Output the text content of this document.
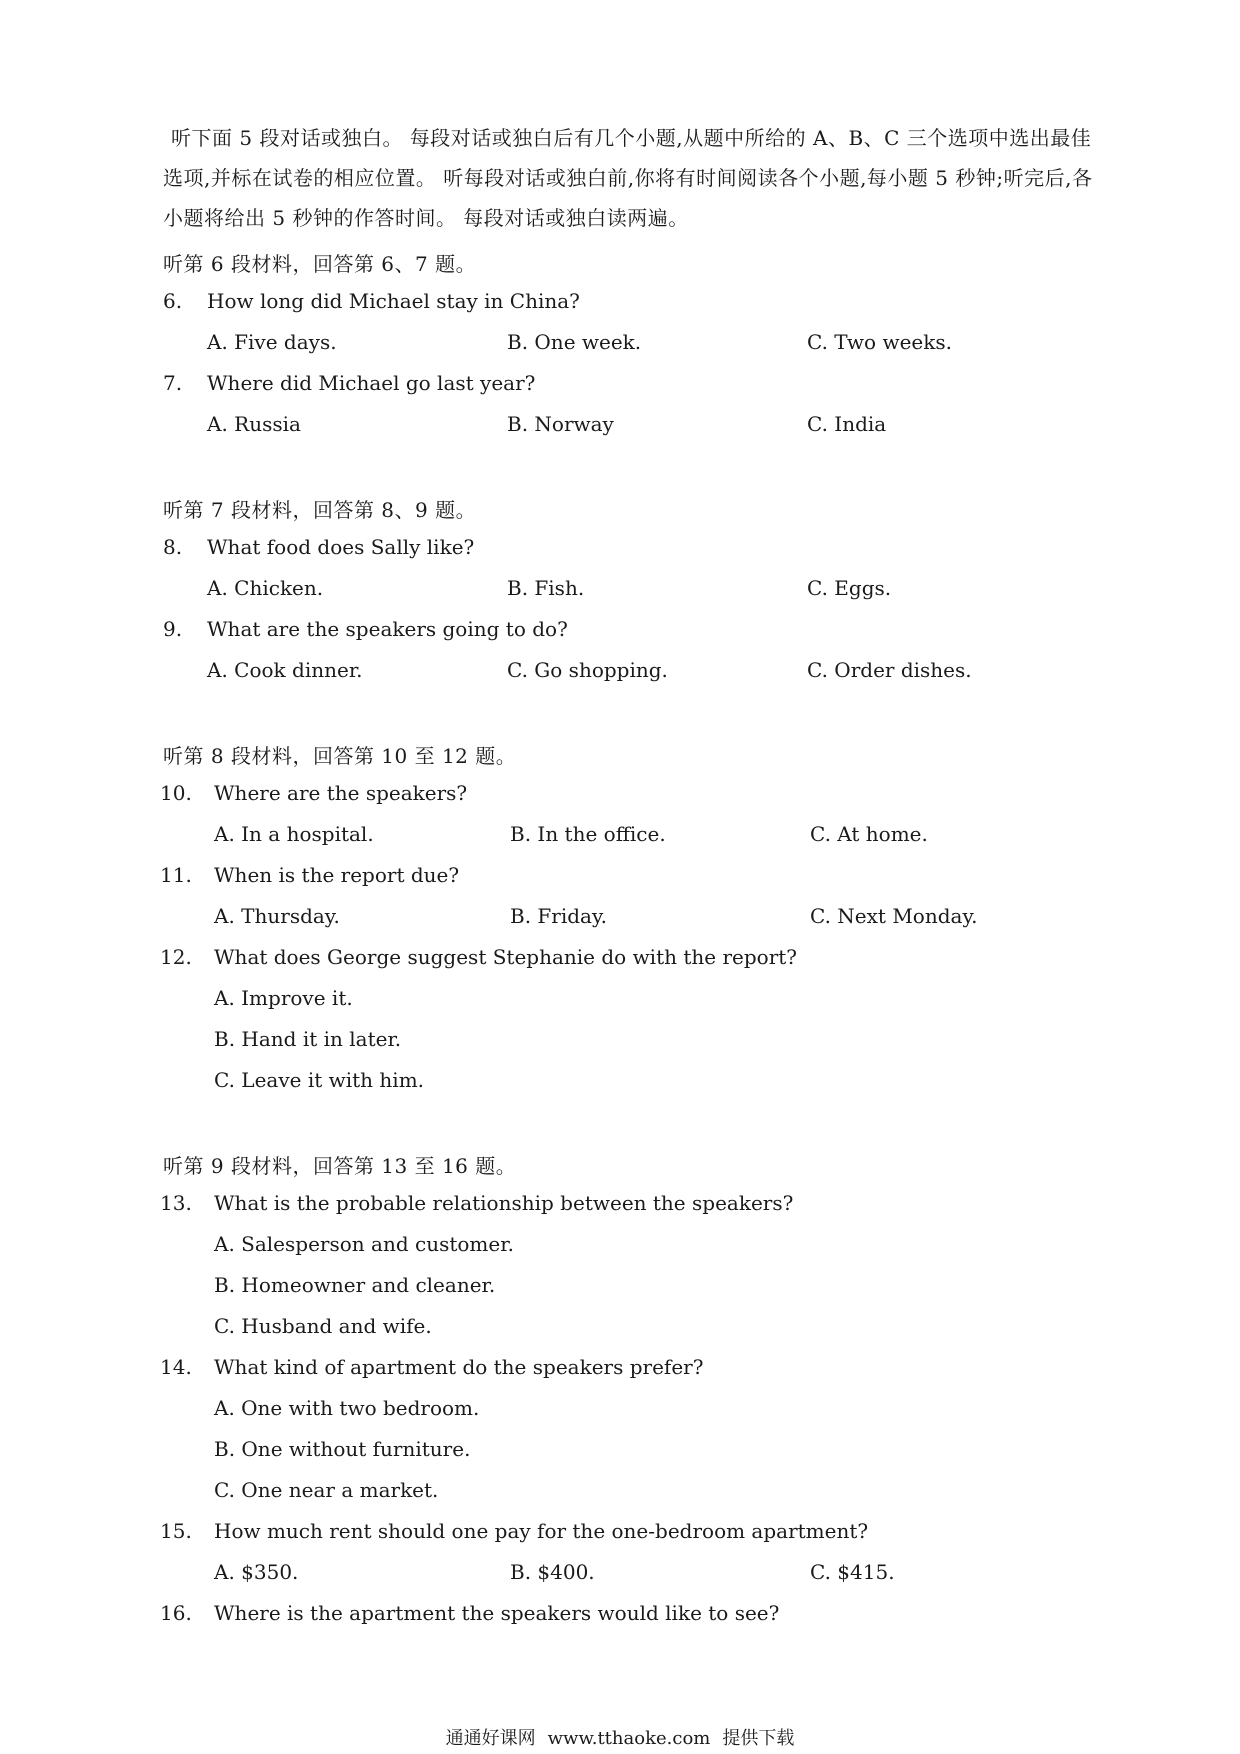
听下面 5 段对话或独白。 每段对话或独白后有几个小题,从题中所给的 A、B、C 三个选项中选出最佳选项,并标在试卷的相应位置。 听每段对话或独白前,你将有时间阅读各个小题,每小题 5 秒钟;听完后,各小题将给出 5 秒钟的作答时间。 每段对话或独白读两遍。

听第 6 段材料，回答第 6、7 题。
6. How long did Michael stay in China?
A. Five days.	B. One week.	C. Two weeks.
7. Where did Michael go last year?
A. Russia	B. Norway	C. India
听第 7 段材料，回答第 8、9 题。
8. What food does Sally like?
A. Chicken.	B. Fish.	C. Eggs.
9. What are the speakers going to do?
A. Cook dinner.	C. Go shopping.	C. Order dishes.
听第 8 段材料，回答第 10 至 12 题。
10. Where are the speakers?
A. In a hospital.	B. In the office.	C. At home.
11. When is the report due?
A. Thursday.	B. Friday.	C. Next Monday.
12. What does George suggest Stephanie do with the report?
A. Improve it.
B. Hand it in later.
C. Leave it with him.
听第 9 段材料，回答第 13 至 16 题。
13. What is the probable relationship between the speakers?
A. Salesperson and customer.
B. Homeowner and cleaner.
C. Husband and wife.
14. What kind of apartment do the speakers prefer?
A. One with two bedroom.
B. One without furniture.
C. One near a market.
15. How much rent should one pay for the one-bedroom apartment?
A. $350.	B. $400.	C. $415.
16. Where is the apartment the speakers would like to see?
通通好课网 www.tthaoke.com 提供下载
